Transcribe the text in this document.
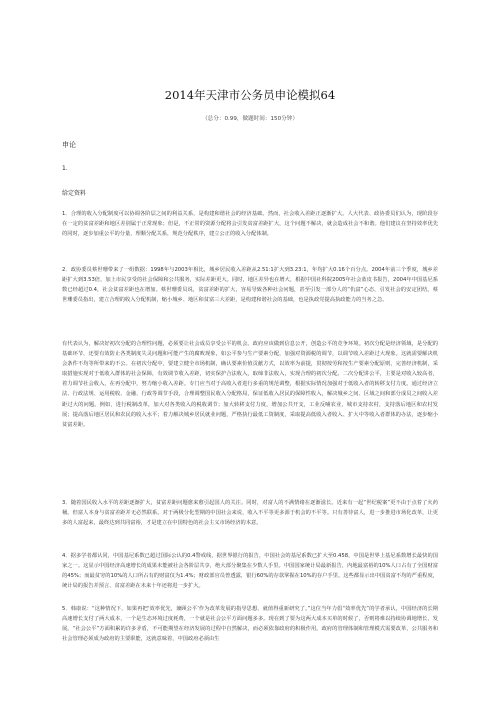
2014年天津市公务员申论模拟64
（总分：0.99，做题时间：150分钟）
申论
1.
给定资料

1．合理的收入分配制度可以协调各阶层之间的利益关系，是构建和谐社会的经济基础。然而，社会收入差距正逐渐扩大。人大代表、政协委员们认为，现阶段存在一定的贫富差距和地区差别属于正常现象；但是，不正常的资源分配将会引发贫富差距扩大，这个问题不解决，就会造成社会不和谐。他们建议在坚持效率优先的同时，逐步加重公平的分量，理顺分配关系，规范分配秩序，建立公正的收入分配体制。

2．政协委员蔡世珊带来了一组数据：1998年与2003年相比，城乡居民收入差距从2.51:1扩大到3.23:1，年均扩大0.16个百分点。2004年前三个季度，城乡差距扩大到3.53倍，加上市民享受的社会保障和公共服务，实际差距更大。同时，地区差异也在增大，根据中国社科院2005年社会蓝皮书报告，2004年中国基尼系数已经超过0.4，社会贫富差距也在增加。蔡世珊委员说，贫富差距的扩大，容易导致各种社会问题，甚至引发一部分人的“仇富”心态，引发社会的安定团结。蔡世珊委员指出，建立合理的收入分配机制，缩小城乡、地区和贫富三大差距，是构建和谐社会的基础，也是执政党提高执政能力的当务之急。

有代表认为，解决好初次分配的合理性问题，必须要让社会成员享受公平的机会。政府应该做到信息公开，创造公平的竞争环境。初次分配是经济领域，是分配的基础环节，还要有效防止各类制度失灵问题和可能产生的腐败现象，如公平参与生产要素分配，加强对资源税的调节，以调节收入差距过大现象。这就需要解决机会条件不均等所带来的不公。在初次分配中，要建立健全市场机制，确认要素价值贡献方式，以效率为前提，贯彻按劳和按生产要素分配原则，完善经济机制，采取措施实现对于低收入群体的社会保障，有效调节收入差距，切实保护合法收入，取缔非法收入，实现合理的初次分配。二次分配讲公平，主要是对收入较高者，着力调节社会收入，在再分配中，努力缩小收入差距。专门应当对于高收入者进行多重的规范调整，根据实际情况加强对于低收入者的转移支付力度。通过经济立法、行政法规、运用税收、金融、行政等调节手段，合理调整国民收入分配格局，保证低收入居民的保障性收入，解决城乡之间、区域之间和部分成员之间收入差距过大的问题。例如，进行税制改革，加大对各类收入的税收调节；加大转移支付力度，增加公共开支，工业反哺农业，城市支持农村，支持落后地区和农村发展；提高落后地区居民和农民的收入水平；着力解决城乡居民就业问题，严格执行最低工资制度，采取提高低收入者收入、扩大中等收入者群体的办法，逐步缩小贫富差距。

3．随着国民收入水平的差距逐渐扩大，贫富差距问题愈来愈引起国人的关注。同时，对富人的不满情绪在逐渐滋长。近来有一起“世纪税案”更不由于点着了火药桶。但富人本身与贫富差距并无必然联系。对于两极分化型期的中国社会来说，收入不平等更多源于机会的不平等。只有善待富人，进一步推进市场化改革，让更多的人富起来，最终达到共同富裕，才是建立在中国特色的社会主义市场经济的本意。

4．据多学者都认同，中国基尼系数已超过国际公认的0.4警戒线，据世界银行的报告，中国社会的基尼系数已扩大至0.458，中国是世界上基尼系数增长最快的国家之一。这显示中国经济高速增长的成果未能被社会各阶层共享，绝大部分聚集在少数人手里。中国国家统计局最新报告，内地最富裕的10%人口占有了全国财富的45%；而最贫穷的10%的人口所占有的财富仅为1.4%；财政部官员曾透露，银行60%的存款掌握在10%的存户手里。这些都显示出中国贫富不均的严重程度，统计局的报告并预言，贫富差距在未来十年还将进一步扩大。

5．韩康说：“这种情况下，如果再把‘效率优先，兼顾公平’作为改革发展的指导思想，就值得重新研究了。”这位当年力倡“效率优先”的学者承认，中国经济的长期高速增长支付了两大成本，一个是生态环境过度耗费，一个就是社会公平方面问题多多。现在到了要为这两大成本买单的时候了，否则将难以持续协调地增长、发展。“社会公平”方面积累的许多矛盾，不可能期望在经济发展的过程中自然解决，而必须依靠政府的积极作用。政府的管理体制和管理模式需要改革，公共服务和社会管理必须成为政府的主要职能，这就意味着，中国政府必须由生
